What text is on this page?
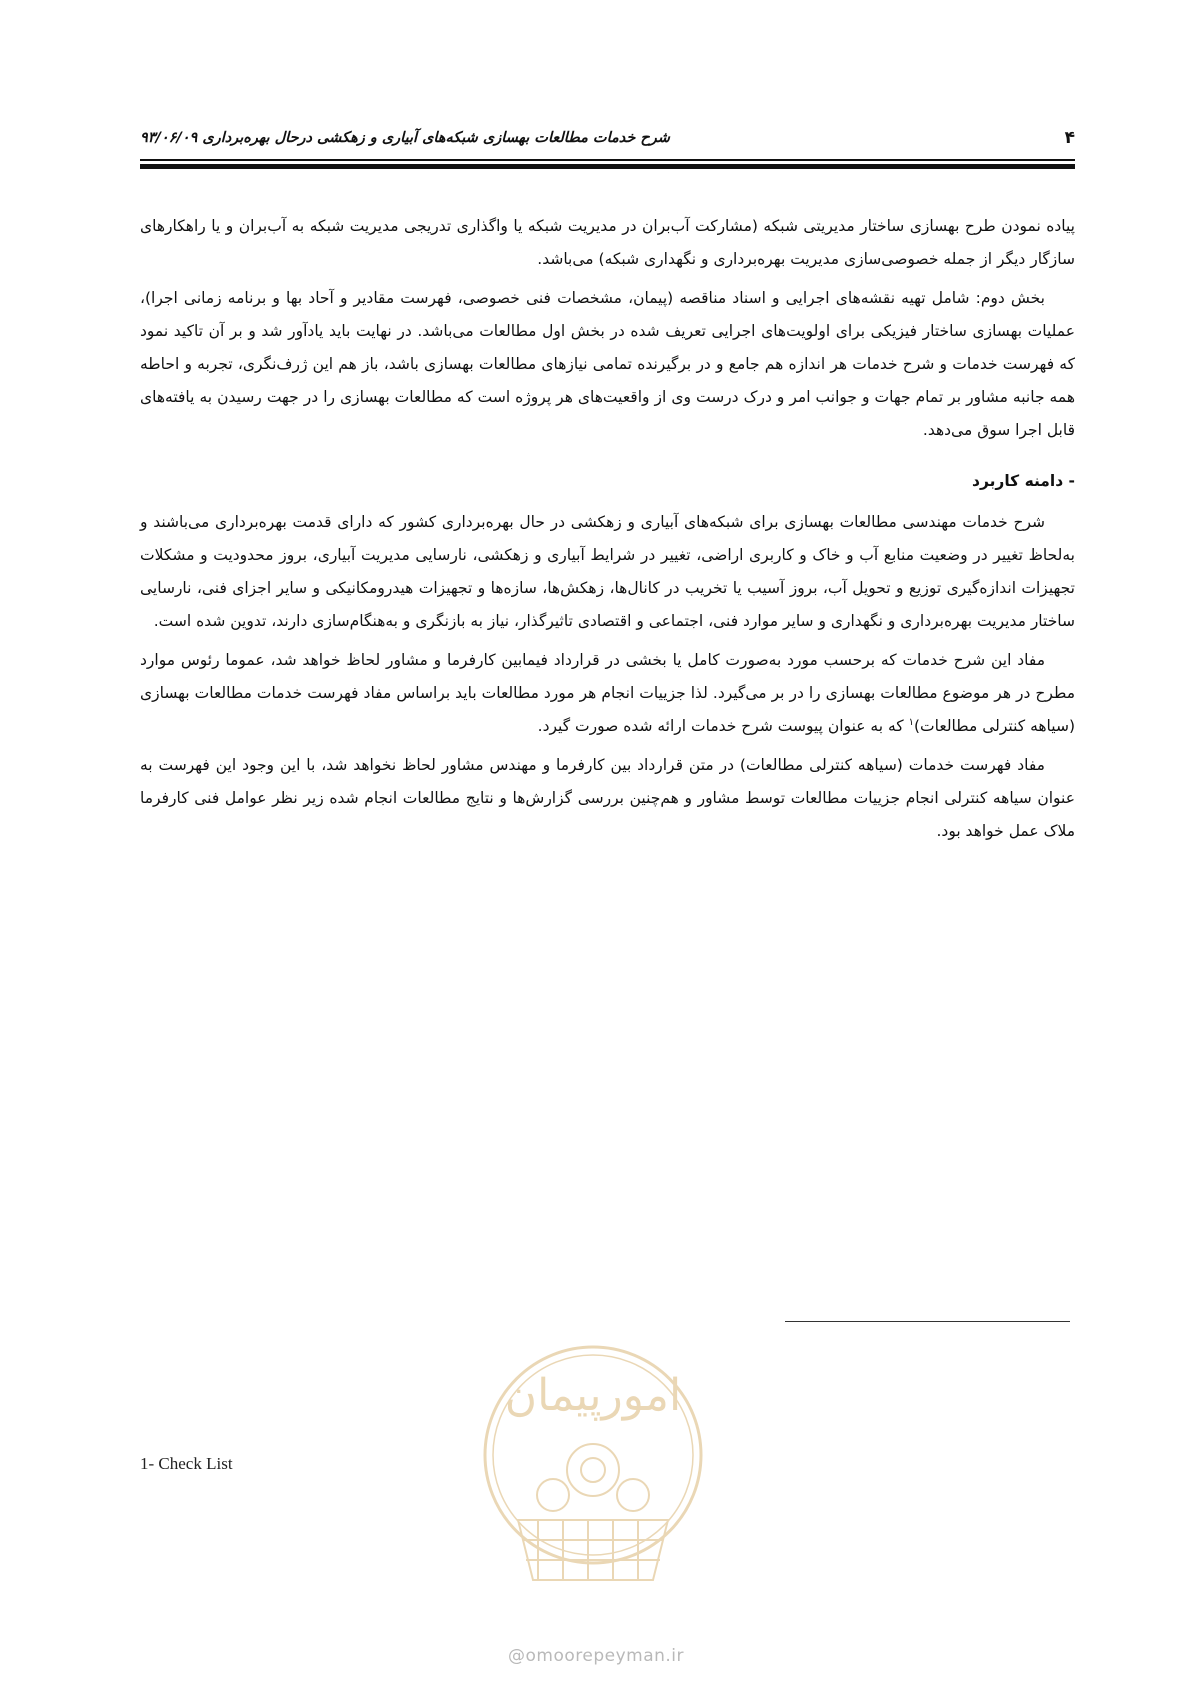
۴
شرح خدمات مطالعات بهسازی شبکه‌های آبیاری و زهکشی درحال بهره‌برداری ۹۳/۰۶/۰۹

پیاده نمودن طرح بهسازی ساختار مدیریتی شبکه (مشارکت آب‌بران در مدیریت شبکه یا واگذاری تدریجی مدیریت شبکه به آب‌بران و یا راهکارهای سازگار دیگر از جمله خصوصی‌سازی مدیریت بهره‌برداری و نگهداری شبکه) می‌باشد.

بخش دوم: شامل تهیه نقشه‌های اجرایی و اسناد مناقصه (پیمان، مشخصات فنی خصوصی، فهرست مقادیر و آحاد بها و برنامه زمانی اجرا)، عملیات بهسازی ساختار فیزیکی برای اولویت‌های اجرایی تعریف شده در بخش اول مطالعات می‌باشد. در نهایت باید یادآور شد و بر آن تاکید نمود که فهرست خدمات و شرح خدمات هر اندازه هم جامع و در برگیرنده تمامی نیازهای مطالعات بهسازی باشد، باز هم این ژرف‌نگری، تجربه و احاطه همه جانبه مشاور بر تمام جهات و جوانب امر و درک درست وی از واقعیت‌های هر پروژه است که مطالعات بهسازی را در جهت رسیدن به یافته‌های قابل اجرا سوق می‌دهد.

- دامنه کاربرد

شرح خدمات مهندسی مطالعات بهسازی برای شبکه‌های آبیاری و زهکشی در حال بهره‌برداری کشور که دارای قدمت بهره‌برداری می‌باشند و به‌لحاظ تغییر در وضعیت منابع آب و خاک و کاربری اراضی، تغییر در شرایط آبیاری و زهکشی، نارسایی مدیریت آبیاری، بروز محدودیت و مشکلات تجهیزات اندازه‌گیری توزیع و تحویل آب، بروز آسیب یا تخریب در کانال‌ها، زهکش‌ها، سازه‌ها و تجهیزات هیدرومکانیکی و سایر اجزای فنی، نارسایی ساختار مدیریت بهره‌برداری و نگهداری و سایر موارد فنی، اجتماعی و اقتصادی تاثیرگذار، نیاز به بازنگری و به‌هنگام‌سازی دارند، تدوین شده است.

مفاد این شرح خدمات که برحسب مورد به‌صورت کامل یا بخشی در قرارداد فیمابین کارفرما و مشاور لحاظ خواهد شد، عموما رئوس موارد مطرح در هر موضوع مطالعات بهسازی را در بر می‌گیرد. لذا جزییات انجام هر مورد مطالعات باید براساس مفاد فهرست خدمات مطالعات بهسازی (سیاهه کنترلی مطالعات)$^۱$ که به عنوان پیوست شرح خدمات ارائه شده صورت گیرد.

مفاد فهرست خدمات (سیاهه کنترلی مطالعات) در متن قرارداد بین کارفرما و مهندس مشاور لحاظ نخواهد شد، با این وجود این فهرست به عنوان سیاهه کنترلی انجام جزییات مطالعات توسط مشاور و هم‌چنین بررسی گزارش‌ها و نتایج مطالعات انجام شده زیر نظر عوامل فنی کارفرما ملاک عمل خواهد بود.

1- Check List
امورپیمان
@omoorepeyman.ir
